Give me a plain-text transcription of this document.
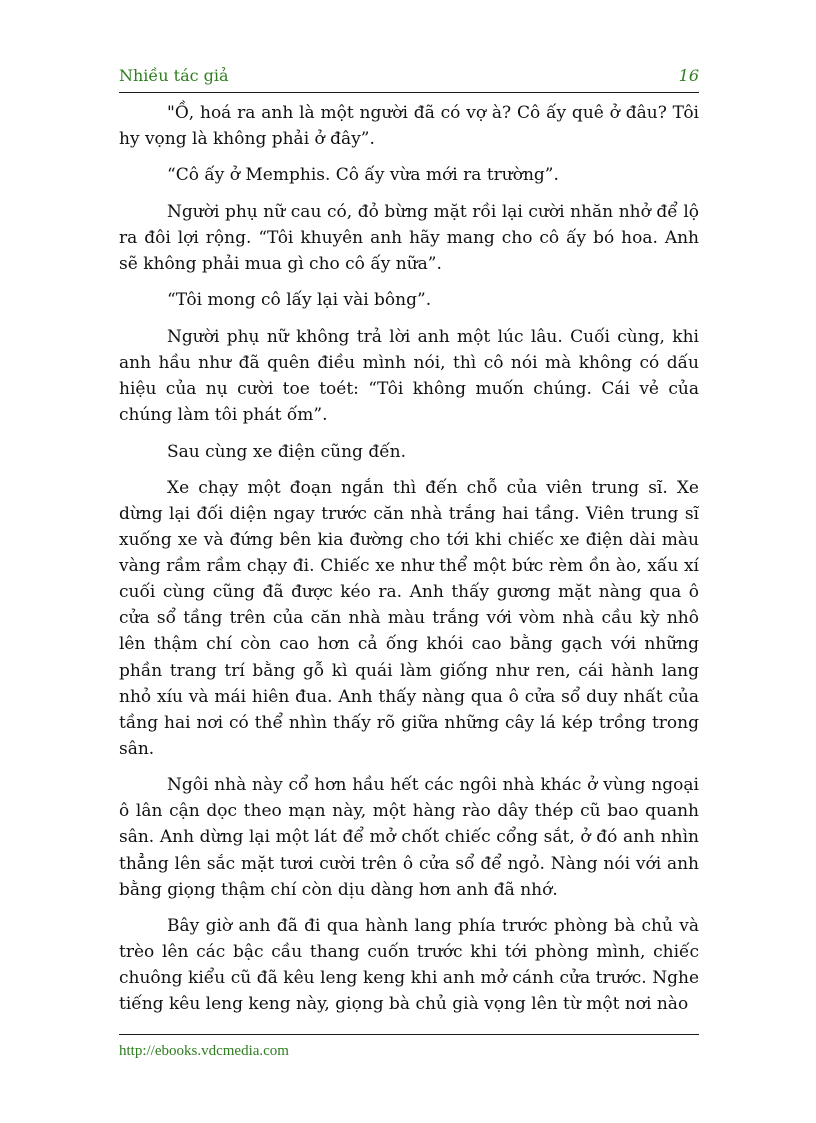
Nhiều tác giả	16

"Ồ, hoá ra anh là một người đã có vợ à? Cô ấy quê ở đâu? Tôi hy vọng là không phải ở đây”.

“Cô ấy ở Memphis. Cô ấy vừa mới ra trường”.

Người phụ nữ cau có, đỏ bừng mặt rồi lại cười nhăn nhở để lộ ra đôi lợi rộng. “Tôi khuyên anh hãy mang cho cô ấy bó hoa. Anh sẽ không phải mua gì cho cô ấy nữa”.

“Tôi mong cô lấy lại vài bông”.

Người phụ nữ không trả lời anh một lúc lâu. Cuối cùng, khi anh hầu như đã quên điều mình nói, thì cô nói mà không có dấu hiệu của nụ cười toe toét: “Tôi không muốn chúng. Cái vẻ của chúng làm tôi phát ốm”.

Sau cùng xe điện cũng đến.

Xe chạy một đoạn ngắn thì đến chỗ của viên trung sĩ. Xe dừng lại đối diện ngay trước căn nhà trắng hai tầng. Viên trung sĩ xuống xe và đứng bên kia đường cho tới khi chiếc xe điện dài màu vàng rầm rầm chạy đi. Chiếc xe như thể một bức rèm ồn ào, xấu xí cuối cùng cũng đã được kéo ra. Anh thấy gương mặt nàng qua ô cửa sổ tầng trên của căn nhà màu trắng với vòm nhà cầu kỳ nhô lên thậm chí còn cao hơn cả ống khói cao bằng gạch với những phần trang trí bằng gỗ kì quái làm giống như ren, cái hành lang nhỏ xíu và mái hiên đua. Anh thấy nàng qua ô cửa sổ duy nhất của tầng hai nơi có thể nhìn thấy rõ giữa những cây lá kép trồng trong sân.

Ngôi nhà này cổ hơn hầu hết các ngôi nhà khác ở vùng ngoại ô lân cận dọc theo mạn này, một hàng rào dây thép cũ bao quanh sân. Anh dừng lại một lát để mở chốt chiếc cổng sắt, ở đó anh nhìn thẳng lên sắc mặt tươi cười trên ô cửa sổ để ngỏ. Nàng nói với anh bằng giọng thậm chí còn dịu dàng hơn anh đã nhớ.

Bây giờ anh đã đi qua hành lang phía trước phòng bà chủ và trèo lên các bậc cầu thang cuốn trước khi tới phòng mình, chiếc chuông kiểu cũ đã kêu leng keng khi anh mở cánh cửa trước. Nghe tiếng kêu leng keng này, giọng bà chủ già vọng lên từ một nơi nào

http://ebooks.vdcmedia.com
